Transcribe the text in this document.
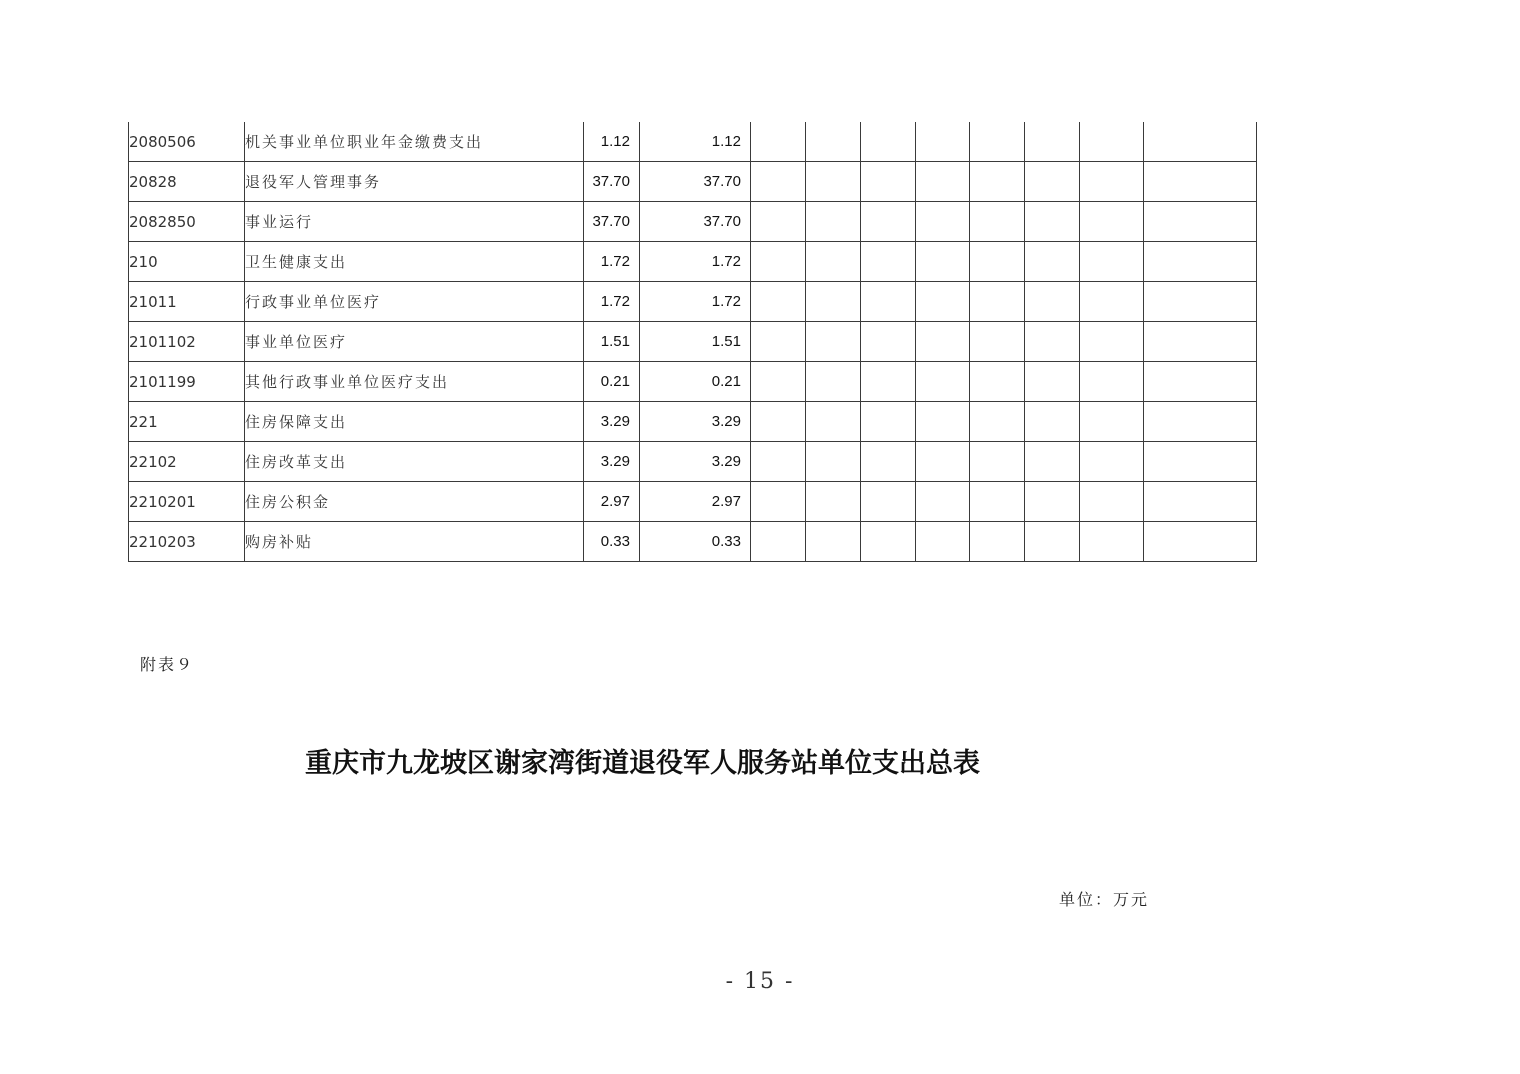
2080506	机关事业单位职业年金缴费支出	1.12	1.12								
20828	退役军人管理事务	37.70	37.70								
2082850	事业运行	37.70	37.70								
210	卫生健康支出	1.72	1.72								
21011	行政事业单位医疗	1.72	1.72								
2101102	事业单位医疗	1.51	1.51								
2101199	其他行政事业单位医疗支出	0.21	0.21								
221	住房保障支出	3.29	3.29								
22102	住房改革支出	3.29	3.29								
2210201	住房公积金	2.97	2.97								
2210203	购房补贴	0.33	0.33								
附表９
重庆市九龙坡区谢家湾街道退役军人服务站单位支出总表
单位：万元
- 15 -
